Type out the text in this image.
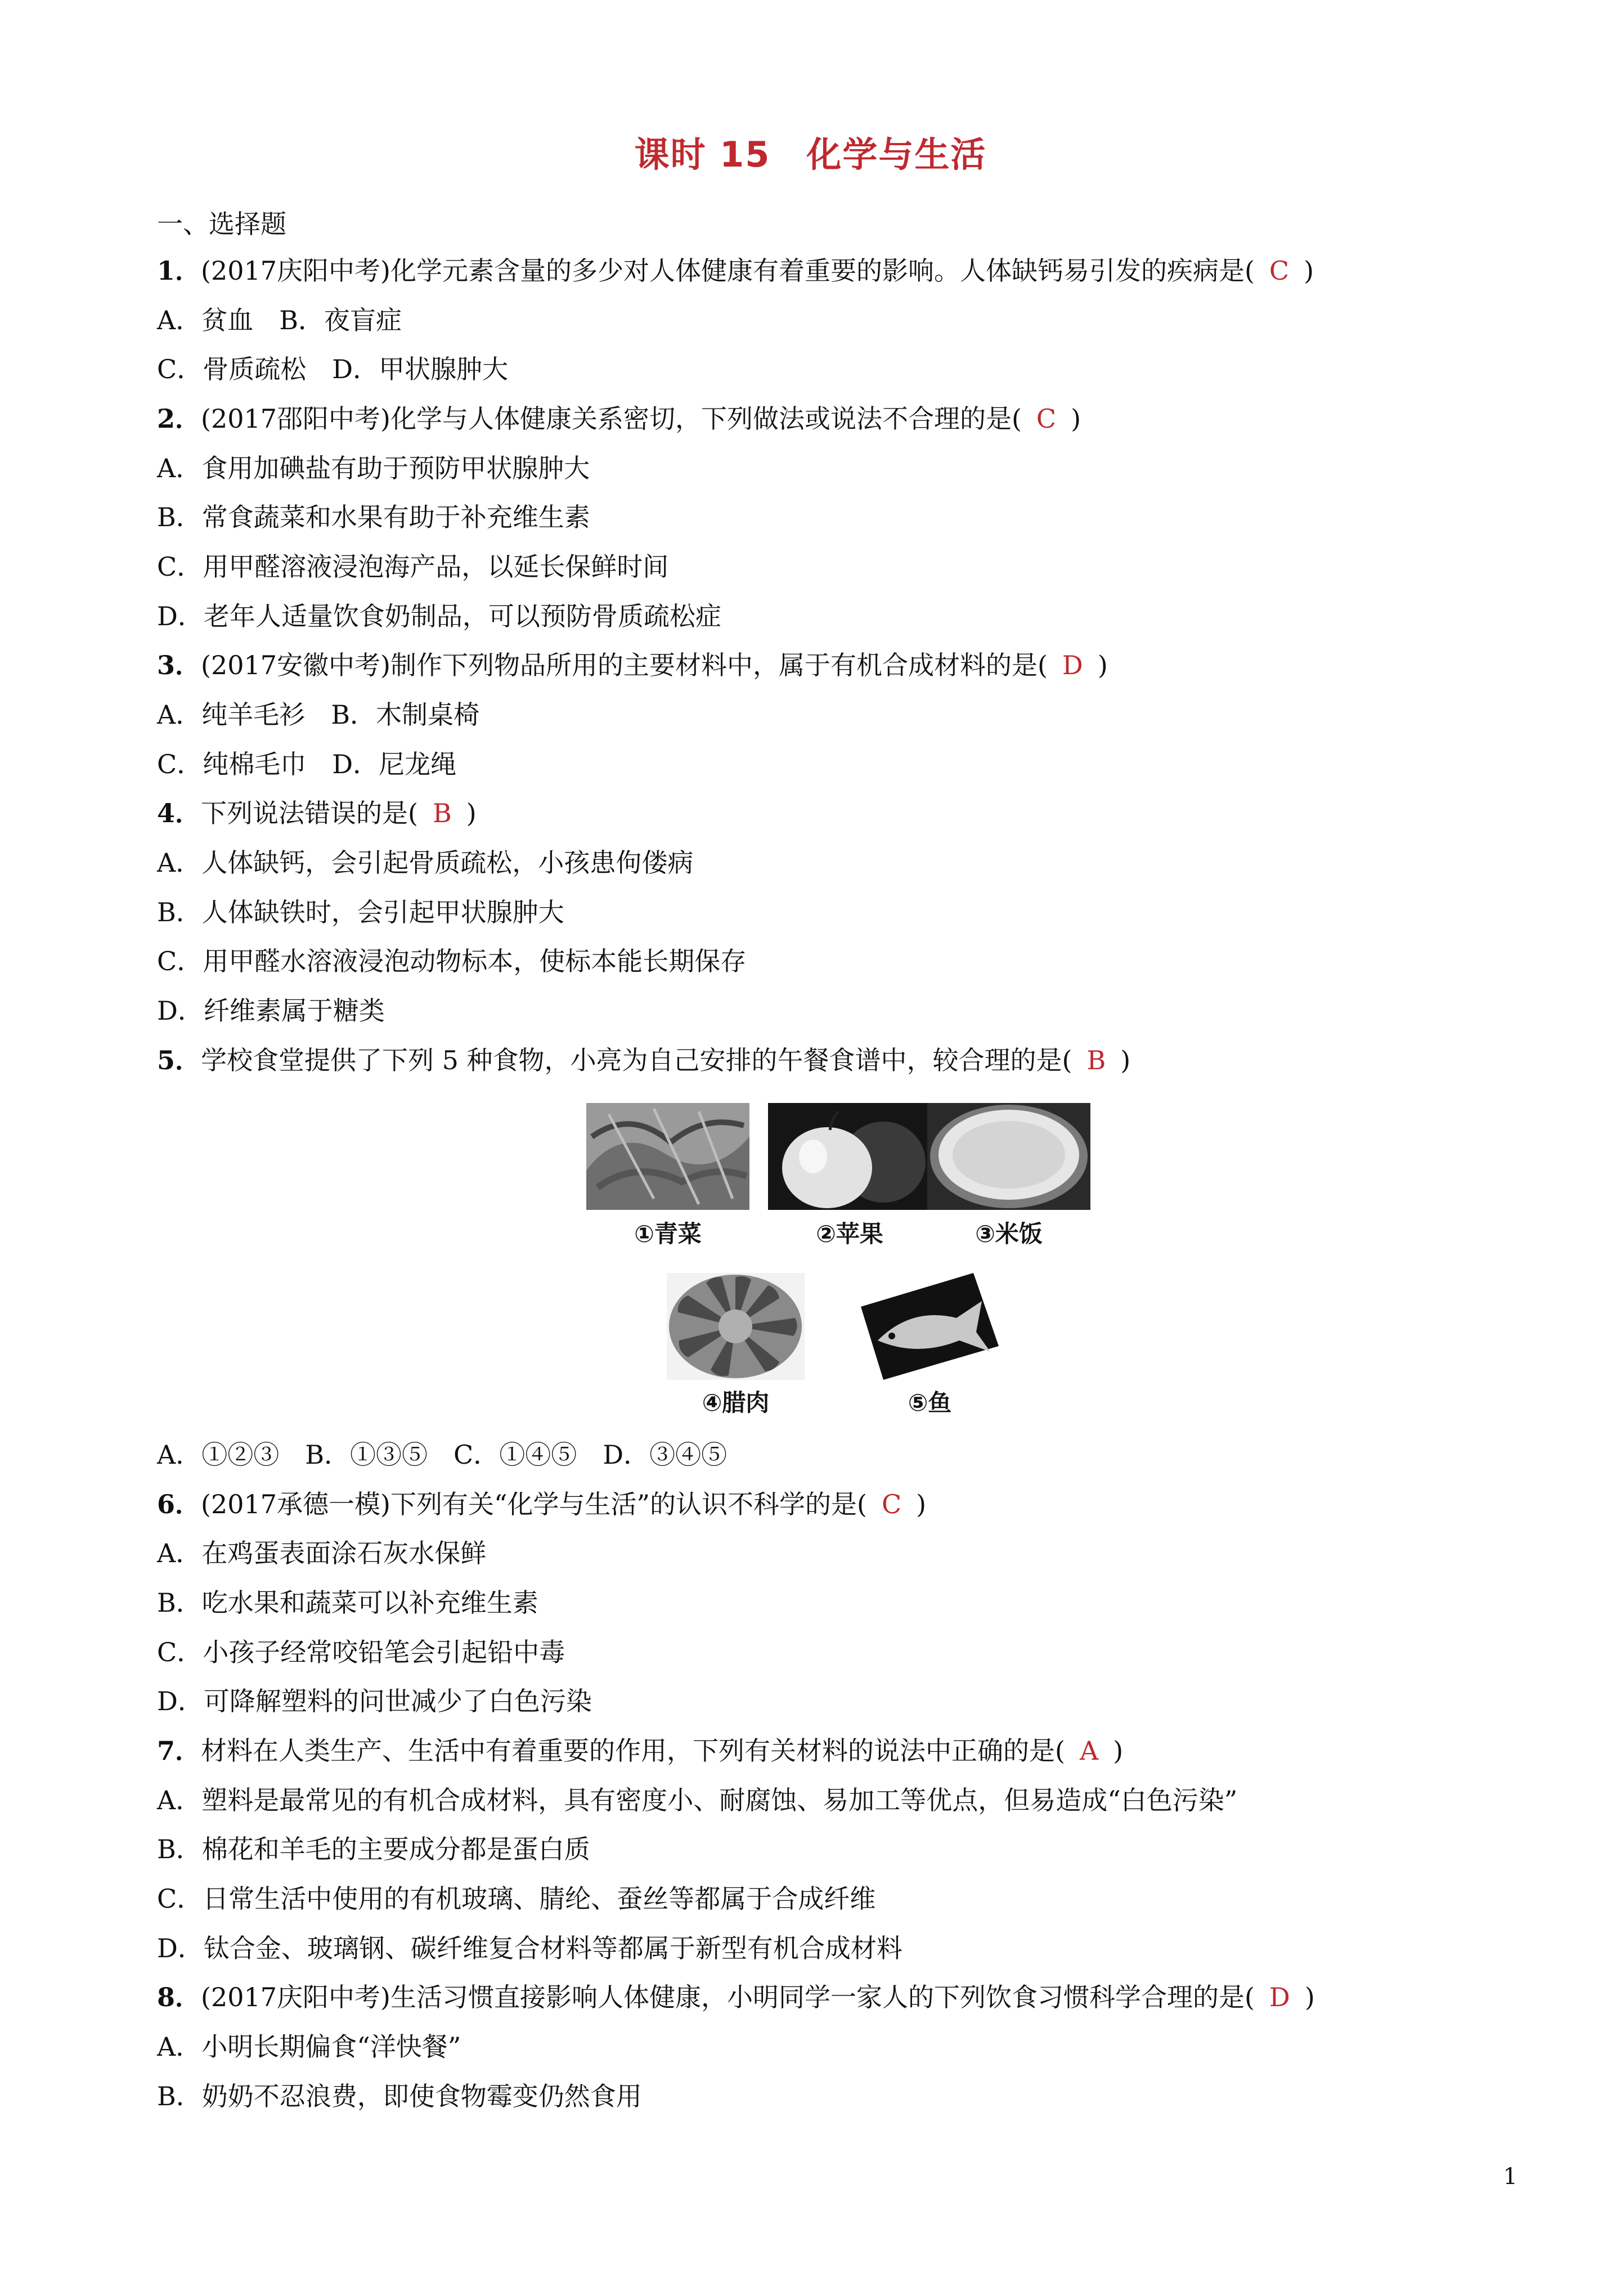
课时 15　化学与生活
一、选择题
1．(2017庆阳中考)化学元素含量的多少对人体健康有着重要的影响。人体缺钙易引发的疾病是( C )
A．贫血　B．夜盲症
C．骨质疏松　D．甲状腺肿大
2．(2017邵阳中考)化学与人体健康关系密切，下列做法或说法不合理的是( C )
A．食用加碘盐有助于预防甲状腺肿大
B．常食蔬菜和水果有助于补充维生素
C．用甲醛溶液浸泡海产品，以延长保鲜时间
D．老年人适量饮食奶制品，可以预防骨质疏松症
3．(2017安徽中考)制作下列物品所用的主要材料中，属于有机合成材料的是( D )
A．纯羊毛衫　B．木制桌椅
C．纯棉毛巾　D．尼龙绳
4．下列说法错误的是( B )
A．人体缺钙，会引起骨质疏松，小孩患佝偻病
B．人体缺铁时，会引起甲状腺肿大
C．用甲醛水溶液浸泡动物标本，使标本能长期保存
D．纤维素属于糖类
5．学校食堂提供了下列 5 种食物，小亮为自己安排的午餐食谱中，较合理的是( B )
①青菜	②苹果	③米饭
④腊肉	⑤鱼
A．①②③　B．①③⑤　C．①④⑤　D．③④⑤
6．(2017承德一模)下列有关“化学与生活”的认识不科学的是( C )
A．在鸡蛋表面涂石灰水保鲜
B．吃水果和蔬菜可以补充维生素
C．小孩子经常咬铅笔会引起铅中毒
D．可降解塑料的问世减少了白色污染
7．材料在人类生产、生活中有着重要的作用，下列有关材料的说法中正确的是( A )
A．塑料是最常见的有机合成材料，具有密度小、耐腐蚀、易加工等优点，但易造成“白色污染”
B．棉花和羊毛的主要成分都是蛋白质
C．日常生活中使用的有机玻璃、腈纶、蚕丝等都属于合成纤维
D．钛合金、玻璃钢、碳纤维复合材料等都属于新型有机合成材料
8．(2017庆阳中考)生活习惯直接影响人体健康，小明同学一家人的下列饮食习惯科学合理的是( D )
A．小明长期偏食“洋快餐”
B．奶奶不忍浪费，即使食物霉变仍然食用
1
